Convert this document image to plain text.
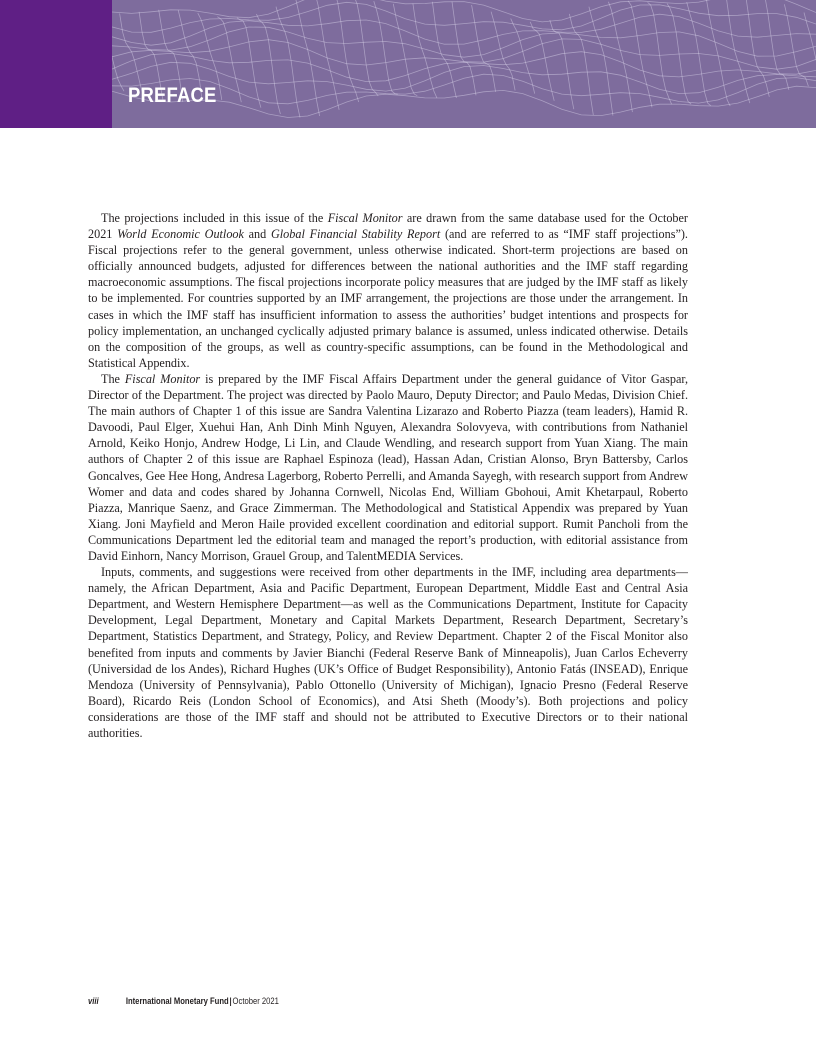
PREFACE

The projections included in this issue of the Fiscal Monitor are drawn from the same database used for the October 2021 World Economic Outlook and Global Financial Stability Report (and are referred to as “IMF staff projections”). Fiscal projections refer to the general government, unless otherwise indicated. Short-term projections are based on officially announced budgets, adjusted for differences between the national authorities and the IMF staff regarding macroeconomic assumptions. The fiscal projections incorporate policy measures that are judged by the IMF staff as likely to be implemented. For countries supported by an IMF arrangement, the projections are those under the arrangement. In cases in which the IMF staff has insufficient information to assess the authorities’ budget intentions and prospects for policy implementation, an unchanged cyclically adjusted primary balance is assumed, unless indicated otherwise. Details on the composition of the groups, as well as country-specific assumptions, can be found in the Methodological and Statistical Appendix.

The Fiscal Monitor is prepared by the IMF Fiscal Affairs Department under the general guidance of Vitor Gaspar, Director of the Department. The project was directed by Paolo Mauro, Deputy Director; and Paulo Medas, Division Chief. The main authors of Chapter 1 of this issue are Sandra Valentina Lizarazo and Roberto Piazza (team leaders), Hamid R. Davoodi, Paul Elger, Xuehui Han, Anh Dinh Minh Nguyen, Alexandra Solovyeva, with contributions from Nathaniel Arnold, Keiko Honjo, Andrew Hodge, Li Lin, and Claude Wendling, and research support from Yuan Xiang. The main authors of Chapter 2 of this issue are Raphael Espinoza (lead), Hassan Adan, Cristian Alonso, Bryn Battersby, Carlos Goncalves, Gee Hee Hong, Andresa Lagerborg, Roberto Perrelli, and Amanda Sayegh, with research support from Andrew Womer and data and codes shared by Johanna Cornwell, Nicolas End, William Gbohoui, Amit Khetarpaul, Roberto Piazza, Manrique Saenz, and Grace Zimmerman. The Methodological and Statistical Appendix was prepared by Yuan Xiang. Joni Mayfield and Meron Haile provided excellent coordination and editorial support. Rumit Pancholi from the Communications Department led the editorial team and managed the report’s production, with editorial assistance from David Einhorn, Nancy Morrison, Grauel Group, and TalentMEDIA Services.

Inputs, comments, and suggestions were received from other departments in the IMF, including area departments—namely, the African Department, Asia and Pacific Department, European Department, Middle East and Central Asia Department, and Western Hemisphere Department—as well as the Communications Department, Institute for Capacity Development, Legal Department, Monetary and Capital Markets Department, Research Department, Secretary’s Department, Statistics Department, and Strategy, Policy, and Review Department. Chapter 2 of the Fiscal Monitor also benefited from inputs and comments by Javier Bianchi (Federal Reserve Bank of Minneapolis), Juan Carlos Echeverry (Universidad de los Andes), Richard Hughes (UK’s Office of Budget Responsibility), Antonio Fatás (INSEAD), Enrique Mendoza (University of Pennsylvania), Pablo Ottonello (University of Michigan), Ignacio Presno (Federal Reserve Board), Ricardo Reis (London School of Economics), and Atsi Sheth (Moody’s). Both projections and policy considerations are those of the IMF staff and should not be attributed to Executive Directors or to their national authorities.

viii	International Monetary Fund|October 2021
